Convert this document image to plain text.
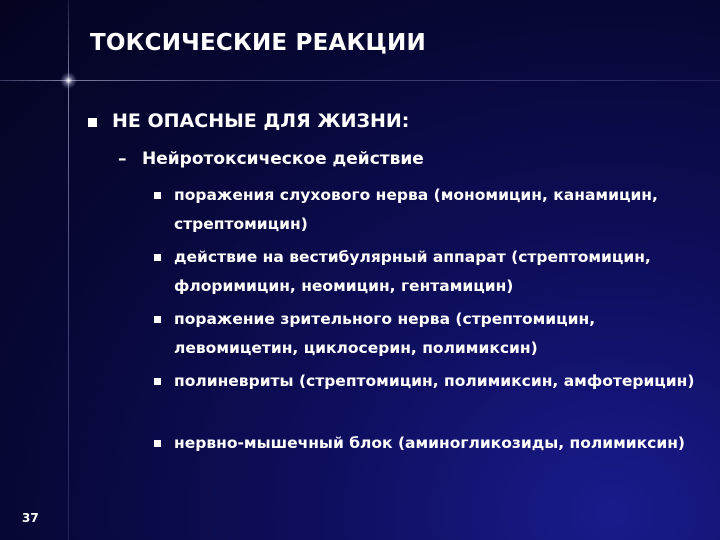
ТОКСИЧЕСКИЕ РЕАКЦИИ
НЕ ОПАСНЫЕ ДЛЯ ЖИЗНИ:
– Нейротоксическое действие
поражения слухового нерва (мономицин, канамицин, стрептомицин)
действие на вестибулярный аппарат (стрептомицин, флоримицин, неомицин, гентамицин)
поражение зрительного нерва (стрептомицин, левомицетин, циклосерин, полимиксин)
полиневриты (стрептомицин, полимиксин, амфотерицин)
нервно-мышечный блок (аминогликозиды, полимиксин)
37
